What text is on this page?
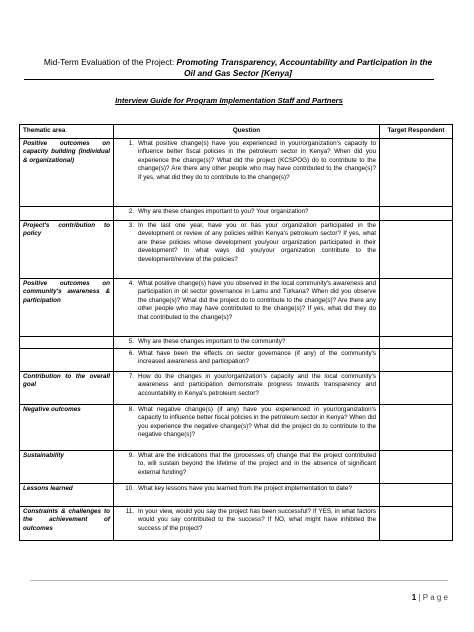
Mid-Term Evaluation of the Project: Promoting Transparency, Accountability and Participation in the Oil and Gas Sector [Kenya]
Interview Guide for Program Implementation Staff and Partners
Thematic area	Question	Target Respondent
Positive outcomes on capacity building (Individual & organizational)	1. What positive change(s) have you experienced in your/organization's capacity to influence better fiscal policies in the petroleum sector in Kenya? When did you experience the change(s)? What did the project (KCSPOG) do to contribute to the change(s)? Are there any other people who may have contributed to the change(s)? If yes, what did they do to contribute to the change(s)?	

	2. Why are these changes important to you? Your organization?	

Project's contribution to policy	3. In the last one year, have you or has your organization participated in the development or review of any policies within Kenya's petroleum sector? If yes, what are these policies whose development you/your organization participated in their development? In what ways did you/your organization contribute to the development/review of the policies?	

Positive outcomes on community's awareness & participation	4. What positive change(s) have you observed in the local community's awareness and participation in oil sector governance in Lamu and Turkana? When did you observe the change(s)? What did the project do to contribute to the change(s)? Are there any other people who may have contributed to the change(s)? If yes, what did they do that contributed to the change(s)?	

	5. Why are these changes important to the community?	

	6. What have been the effects on sector governance (if any) of the community's increased awareness and participation?	

Contribution to the overall goal	7. How do the changes in your/organization's capacity and the local community's awareness and participation demonstrate progress towards transparency and accountability in Kenya's petroleum sector?	

Negative outcomes	8. What negative change(s) (if any) have you experienced in your/organization's capacity to influence better fiscal policies in the petroleum sector in Kenya? When did you experience the negative change(s)? What did the project do to contribute to the negative change(s)?	

Sustainability	9. What are the indications that the (processes of) change that the project contributed to, will sustain beyond the lifetime of the project and in the absence of significant external funding?	

Lessons learned	10. What key lessons have you learned from the project implementation to date?	

Constraints & challenges to the achievement of outcomes	11. In your view, would you say the project has been successful? If YES, in what factors would you say contributed to the success? If NO, what might have inhibited the success of the project?	

1 | P a g e
